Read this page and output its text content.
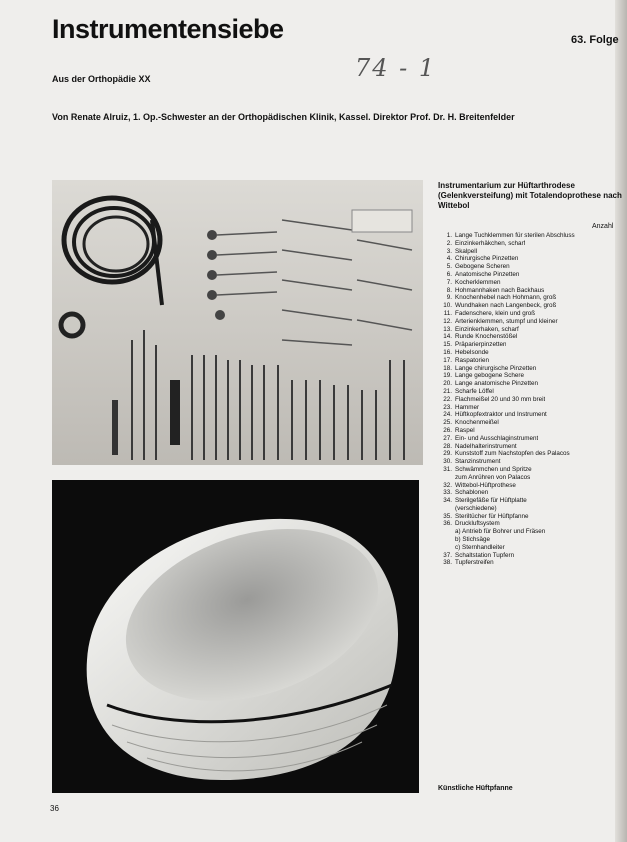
Instrumentensiebe	63. Folge
74 - 1
Aus der Orthopädie XX
Von Renate Alruiz, 1. Op.-Schwester an der Orthopädischen Klinik, Kassel. Direktor Prof. Dr. H. Breitenfelder
Instrumentarium zur Hüftarthrodese (Gelenkversteifung) mit Totalendoprothese nach Wittebol
Anzahl
1. Lange Tuchklemmen für sterilen Abschluss
2. Einzinkerhäkchen, scharf
3. Skalpell
4. Chirurgische Pinzetten
5. Gebogene Scheren
6. Anatomische Pinzetten
7. Kocherklemmen
8. Hohmannhaken nach Backhaus
9. Knochenhebel nach Hohmann, groß
10. Wundhaken nach Langenbeck, groß
11. Fadenschere, klein und groß
12. Arterienklemmen, stumpf und kleiner
13. Einzinkerhaken, scharf
14. Runde Knochenstößel
15. Präparierpinzetten
16. Hebelsonde
17. Raspatorien
18. Lange chirurgische Pinzetten
19. Lange gebogene Schere
20. Lange anatomische Pinzetten
21. Scharfe Löffel
22. Flachmeißel 20 und 30 mm breit
23. Hammer
24. Hüftkopfextraktor und Instrument
25. Knochenmeißel
26. Raspel
27. Ein- und Ausschlaginstrument
28. Nadelhalterinstrument
29. Kunststoff zum Nachstopfen des Palacos
30. Stanzinstrument
31. Schwämmchen und Spritze
zum Anrühren von Palacos
32. Wittebol-Hüftprothese
33. Schablonen
34. Sterilgefäße für Hüftplatte
(verschiedene)
35. Steriltücher für Hüftpfanne
36. Druckluftsystem
a) Antrieb für Bohrer und Fräsen
b) Stichsäge
c) Sternhandleiter
37. Schaltstation Tupfern
38. Tupferstreifen
Künstliche Hüftpfanne
36
